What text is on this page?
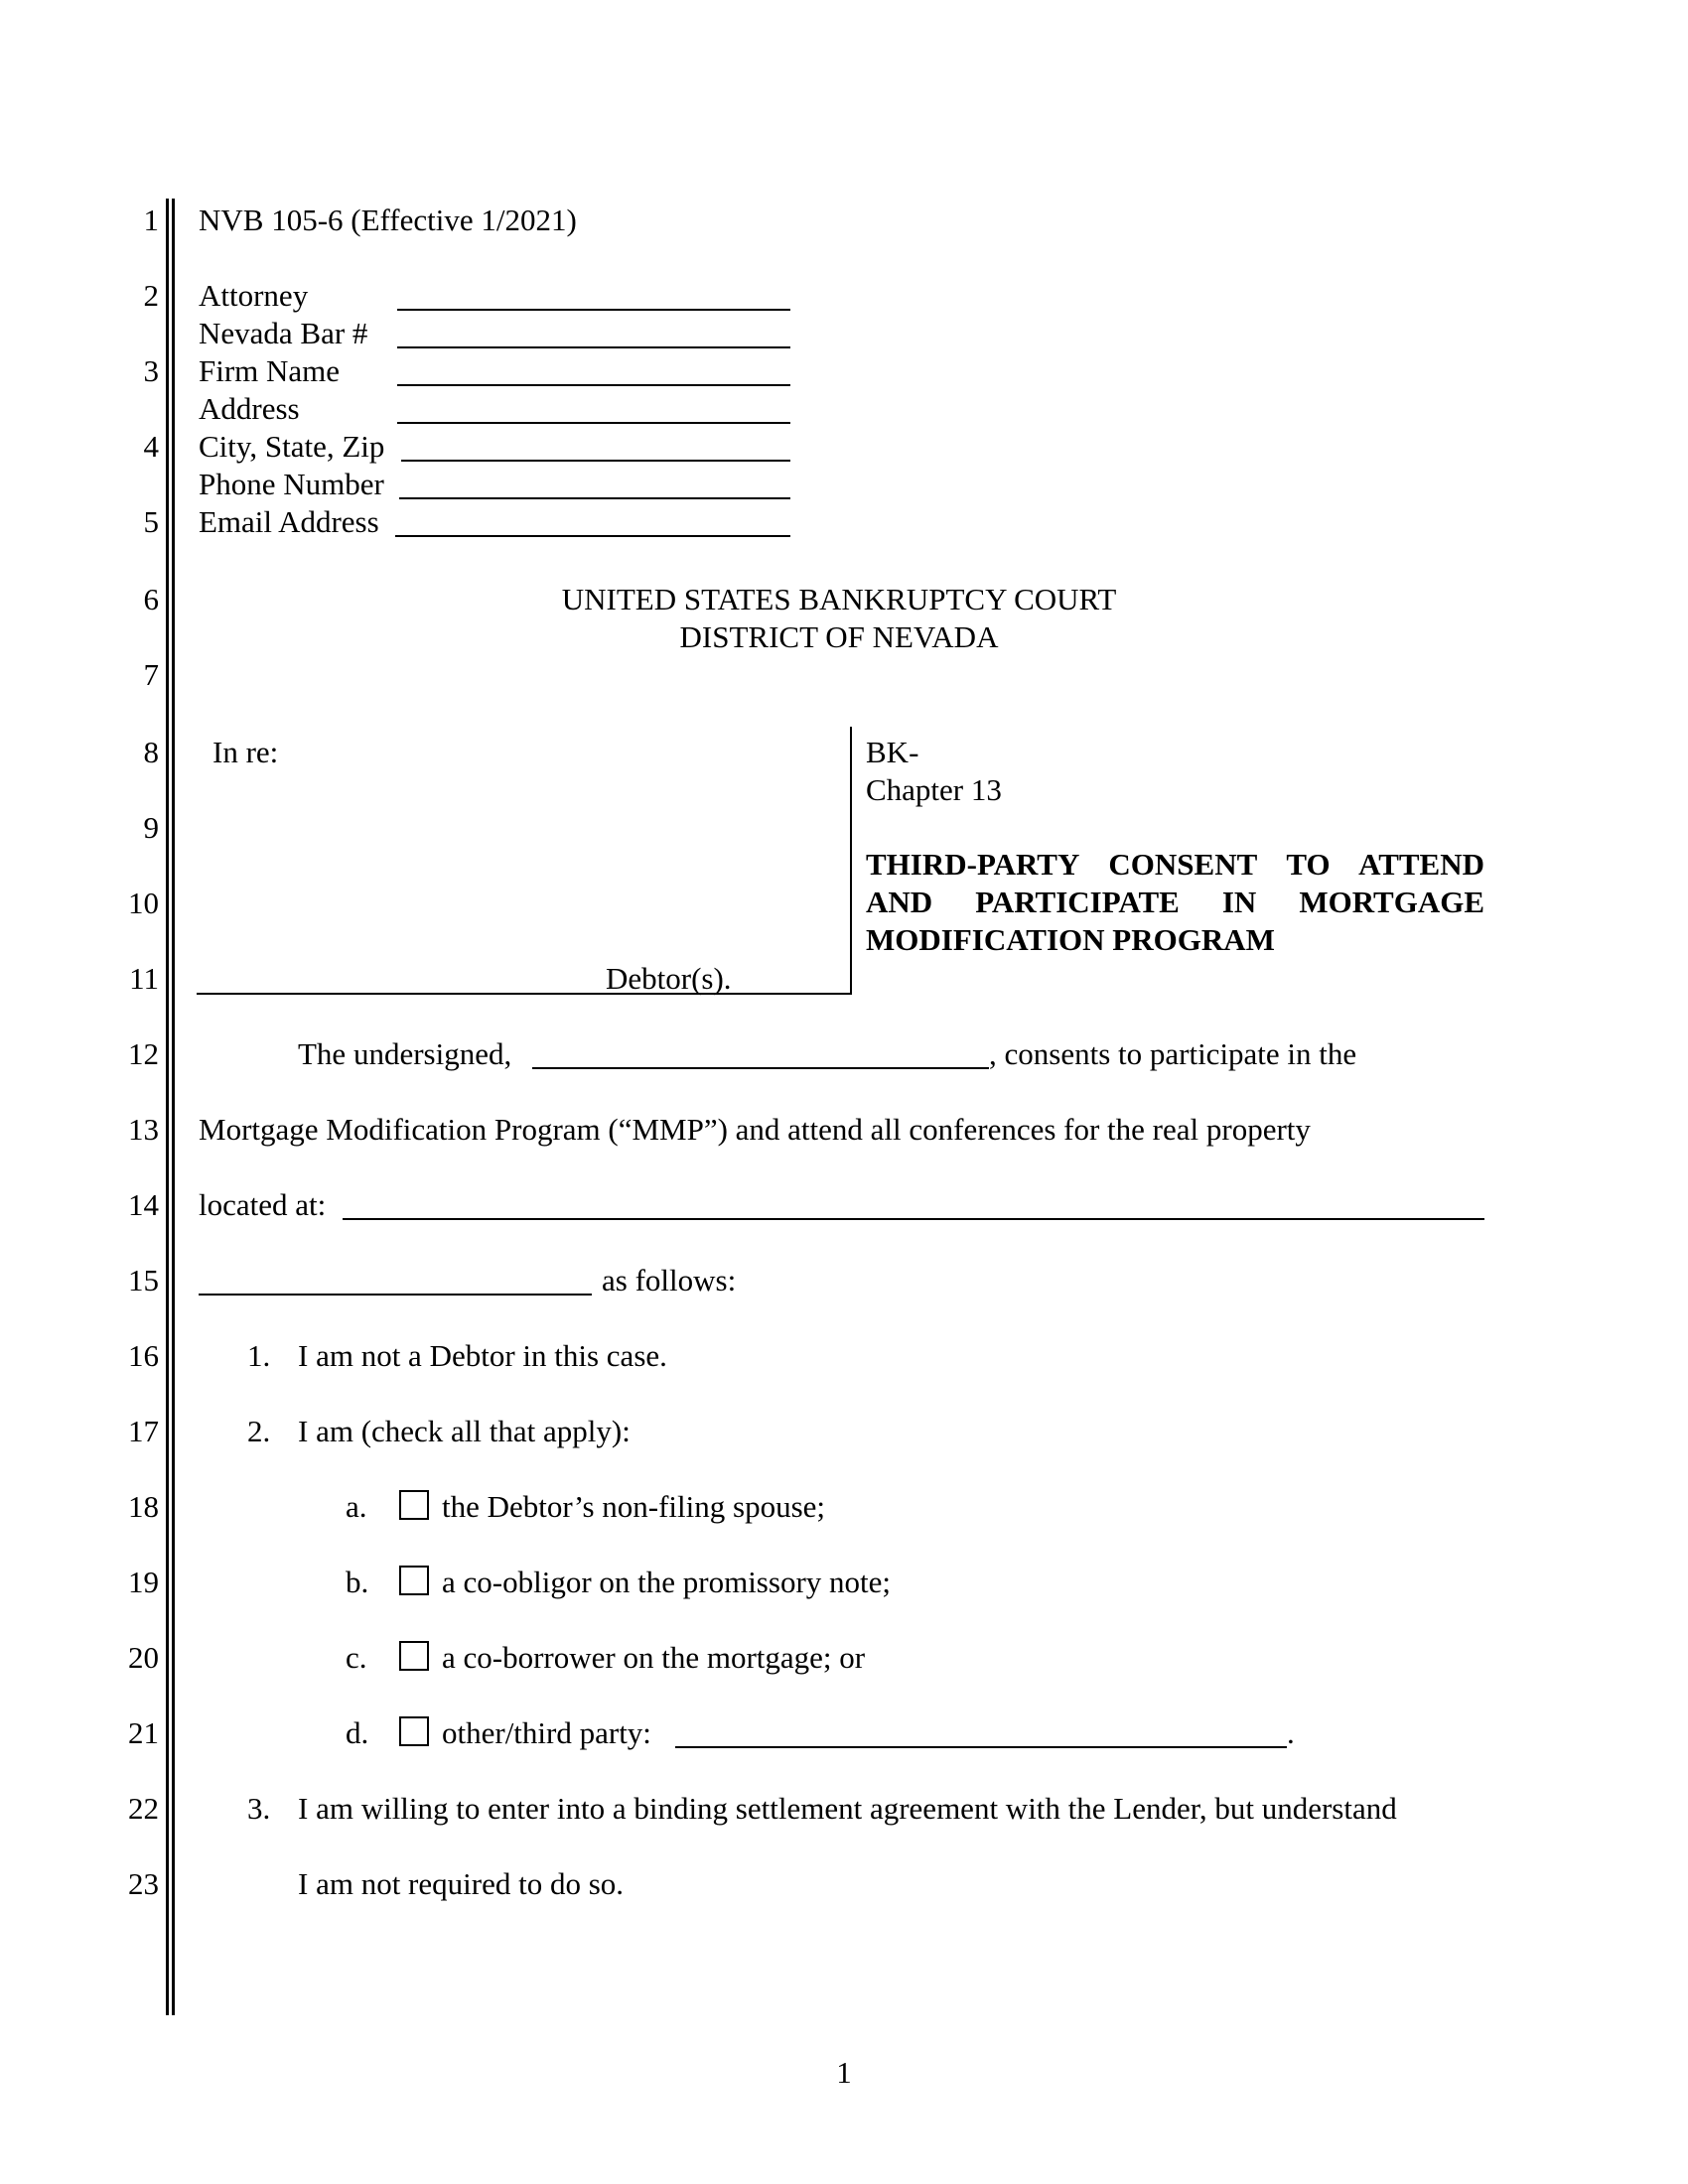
1
2
3
4
5
6
7
8
9
10
11
12
13
14
15
16
17
18
19
20
21
22
23
NVB 105-6 (Effective 1/2021)
Attorney
Nevada Bar #
Firm Name
Address
City, State, Zip
Phone Number
Email Address
UNITED STATES BANKRUPTCY COURT
DISTRICT OF NEVADA
In re:
Debtor(s).
BK-
Chapter 13
THIRD-PARTY CONSENT TO ATTEND
AND PARTICIPATE IN MORTGAGE
MODIFICATION PROGRAM
The undersigned,	, consents to participate in the
Mortgage Modification Program (“MMP”) and attend all conferences for the real property
located at:
as follows:
1. I am not a Debtor in this case.
2. I am (check all that apply):
a. the Debtor’s non-filing spouse;
b. a co-obligor on the promissory note;
c. a co-borrower on the mortgage; or
d. other/third party:	.
3. I am willing to enter into a binding settlement agreement with the Lender, but understand
I am not required to do so.
1
